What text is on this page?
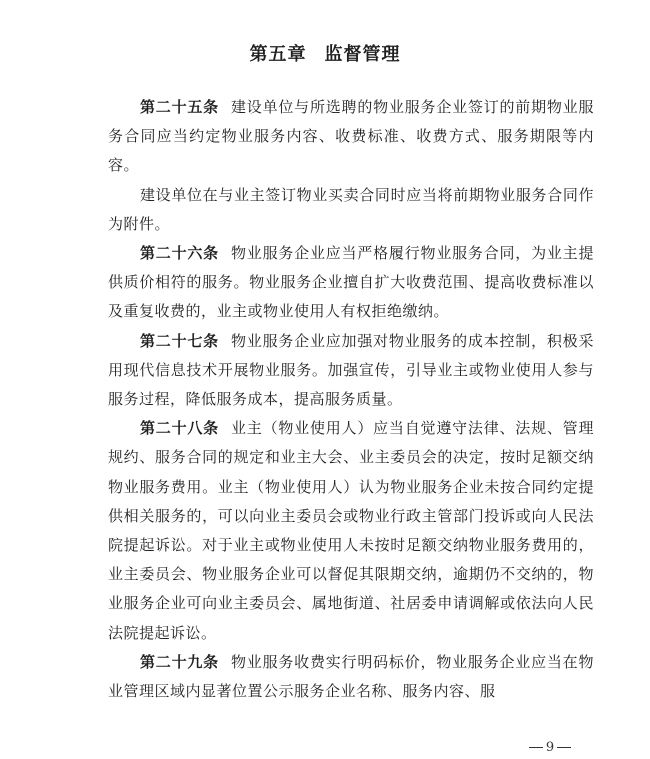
第五章 监督管理

第二十五条 建设单位与所选聘的物业服务企业签订的前期物业服务合同应当约定物业服务内容、收费标准、收费方式、服务期限等内容。

建设单位在与业主签订物业买卖合同时应当将前期物业服务合同作为附件。

第二十六条 物业服务企业应当严格履行物业服务合同，为业主提供质价相符的服务。物业服务企业擅自扩大收费范围、提高收费标准以及重复收费的，业主或物业使用人有权拒绝缴纳。

第二十七条 物业服务企业应加强对物业服务的成本控制，积极采用现代信息技术开展物业服务。加强宣传，引导业主或物业使用人参与服务过程，降低服务成本，提高服务质量。

第二十八条 业主（物业使用人）应当自觉遵守法律、法规、管理规约、服务合同的规定和业主大会、业主委员会的决定，按时足额交纳物业服务费用。业主（物业使用人）认为物业服务企业未按合同约定提供相关服务的，可以向业主委员会或物业行政主管部门投诉或向人民法院提起诉讼。对于业主或物业使用人未按时足额交纳物业服务费用的，业主委员会、物业服务企业可以督促其限期交纳，逾期仍不交纳的，物业服务企业可向业主委员会、属地街道、社居委申请调解或依法向人民法院提起诉讼。

第二十九条 物业服务收费实行明码标价，物业服务企业应当在物业管理区域内显著位置公示服务企业名称、服务内容、服

9
